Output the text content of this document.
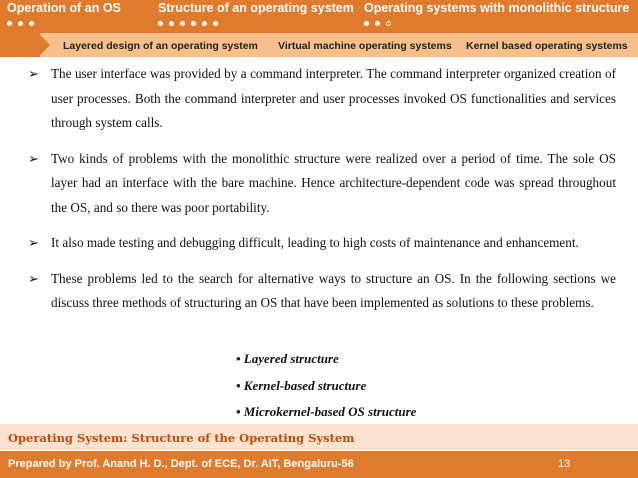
Operation of an OS	Structure of an operating system Operating systems with monolithic structure
Layered design of an operating system Virtual machine operating systems Kernel based operating systems
➢ The user interface was provided by a command interpreter. The command interpreter organized creation of user processes. Both the command interpreter and user processes invoked OS functionalities and services through system calls.
➢ Two kinds of problems with the monolithic structure were realized over a period of time. The sole OS layer had an interface with the bare machine. Hence architecture-dependent code was spread throughout the OS, and so there was poor portability.
➢ It also made testing and debugging difficult, leading to high costs of maintenance and enhancement.
➢ These problems led to the search for alternative ways to structure an OS. In the following sections we discuss three methods of structuring an OS that have been implemented as solutions to these problems.
• Layered structure
• Kernel-based structure
• Microkernel-based OS structure
Operating System: Structure of the Operating System
Prepared by Prof. Anand H. D., Dept. of ECE, Dr. AIT, Bengaluru-56	13
